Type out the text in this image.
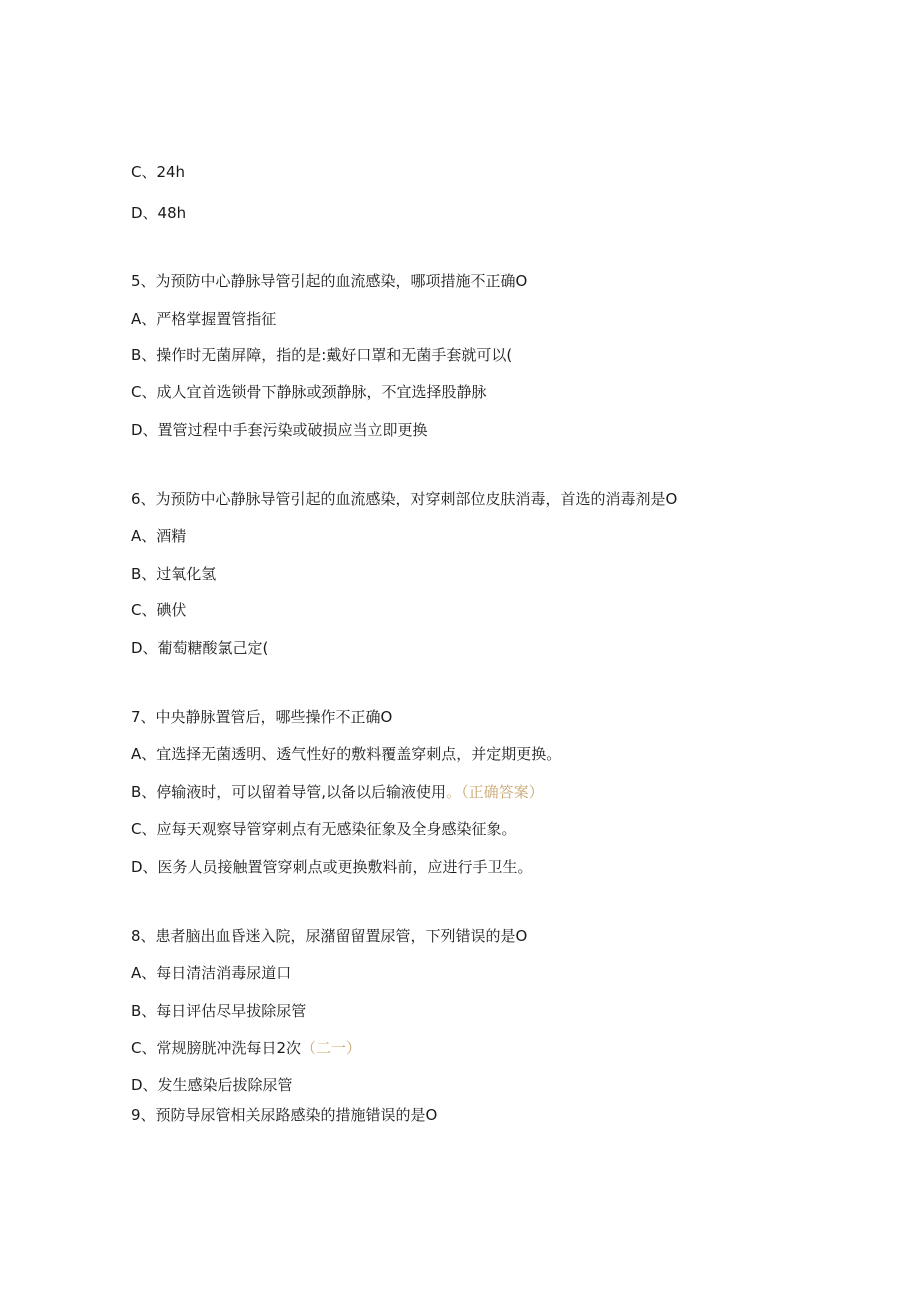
C、24h
D、48h
5、为预防中心静脉导管引起的血流感染，哪项措施不正确O
A、严格掌握置管指征
B、操作时无菌屏障，指的是:戴好口罩和无菌手套就可以(
C、成人宜首选锁骨下静脉或颈静脉，不宜选择股静脉
D、置管过程中手套污染或破损应当立即更换
6、为预防中心静脉导管引起的血流感染，对穿刺部位皮肤消毒，首选的消毒剂是O
A、酒精
B、过氧化氢
C、碘伏
D、葡萄糖酸氯己定(
7、中央静脉置管后，哪些操作不正确O
A、宜选择无菌透明、透气性好的敷料覆盖穿刺点，并定期更换。
B、停输液时，可以留着导管,以备以后输液使用。（正确答案）
C、应每天观察导管穿刺点有无感染征象及全身感染征象。
D、医务人员接触置管穿刺点或更换敷料前，应进行手卫生。
8、患者脑出血昏迷入院，尿潴留留置尿管，下列错误的是O
A、每日清洁消毒尿道口
B、每日评估尽早拔除尿管
C、常规膀胱冲洗每日2次（二一）
D、发生感染后拔除尿管
9、预防导尿管相关尿路感染的措施错误的是O
